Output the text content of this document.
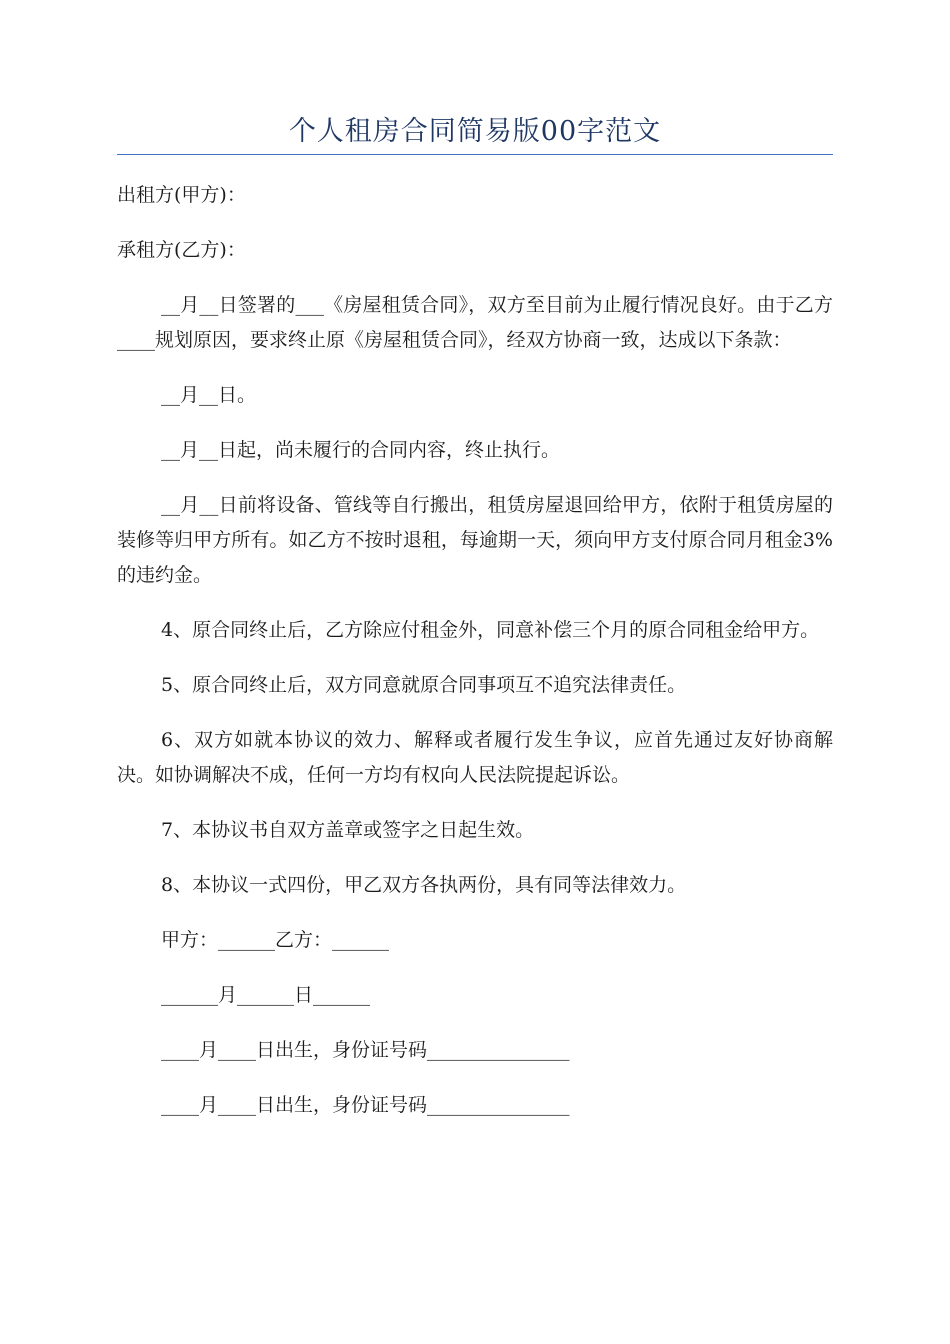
个人租房合同简易版00字范文

出租方(甲方)：

承租方(乙方)：

__月__日签署的___《房屋租赁合同》，双方至目前为止履行情况良好。由于乙方____规划原因，要求终止原《房屋租赁合同》，经双方协商一致，达成以下条款：

__月__日。

__月__日起，尚未履行的合同内容，终止执行。

__月__日前将设备、管线等自行搬出，租赁房屋退回给甲方，依附于租赁房屋的装修等归甲方所有。如乙方不按时退租，每逾期一天，须向甲方支付原合同月租金3%的违约金。

4、原合同终止后，乙方除应付租金外，同意补偿三个月的原合同租金给甲方。

5、原合同终止后，双方同意就原合同事项互不追究法律责任。

6、双方如就本协议的效力、解释或者履行发生争议，应首先通过友好协商解决。如协调解决不成，任何一方均有权向人民法院提起诉讼。

7、本协议书自双方盖章或签字之日起生效。

8、本协议一式四份，甲乙双方各执两份，具有同等法律效力。

甲方：______乙方：______

______月______日______

____月____日出生，身份证号码_______________

____月____日出生，身份证号码_______________
